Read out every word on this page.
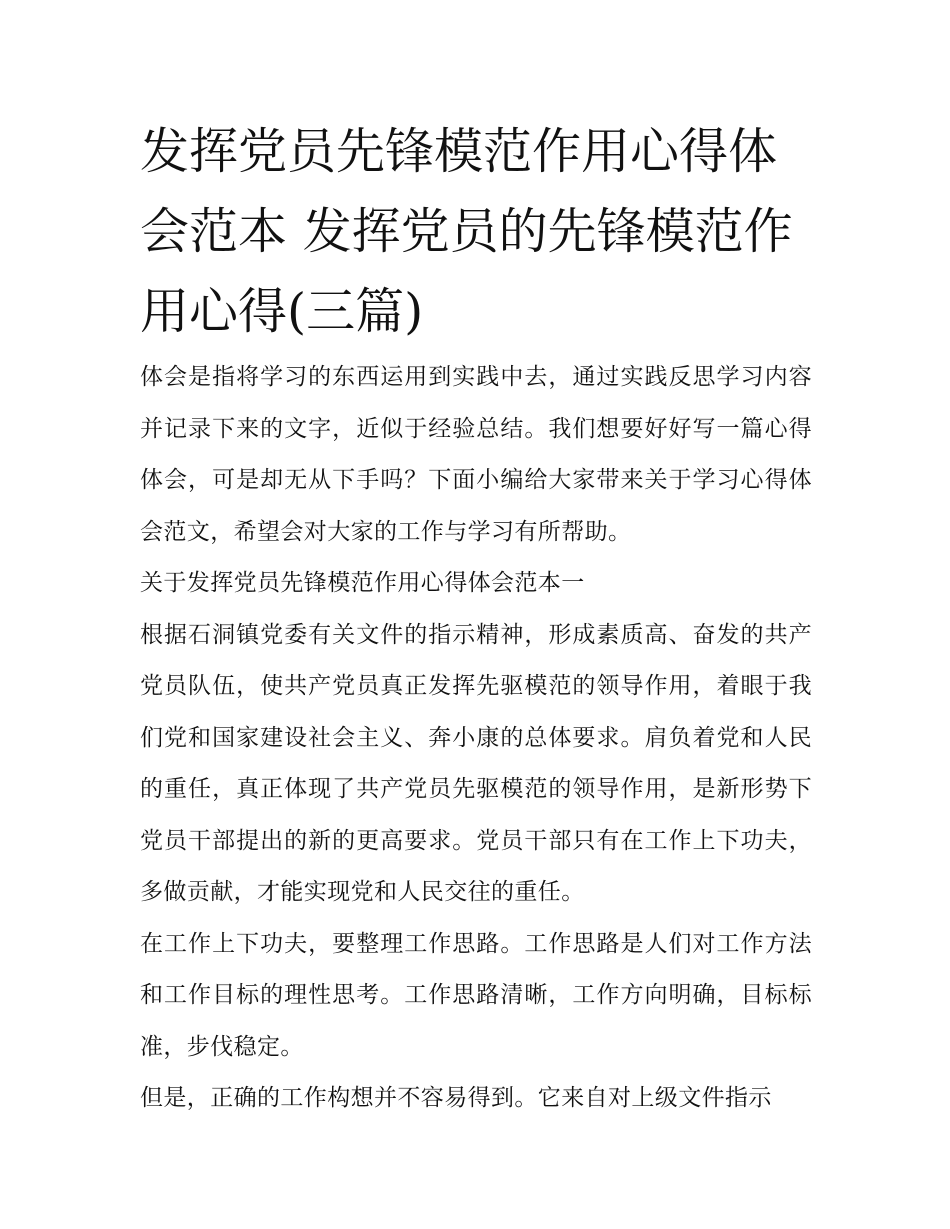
发挥党员先锋模范作用心得体会范本 发挥党员的先锋模范作用心得(三篇)

体会是指将学习的东西运用到实践中去，通过实践反思学习内容并记录下来的文字，近似于经验总结。我们想要好好写一篇心得体会，可是却无从下手吗？下面小编给大家带来关于学习心得体会范文，希望会对大家的工作与学习有所帮助。

关于发挥党员先锋模范作用心得体会范本一

根据石洞镇党委有关文件的指示精神，形成素质高、奋发的共产党员队伍，使共产党员真正发挥先驱模范的领导作用，着眼于我们党和国家建设社会主义、奔小康的总体要求。肩负着党和人民的重任，真正体现了共产党员先驱模范的领导作用，是新形势下党员干部提出的新的更高要求。党员干部只有在工作上下功夫，多做贡献，才能实现党和人民交往的重任。

在工作上下功夫，要整理工作思路。工作思路是人们对工作方法和工作目标的理性思考。工作思路清晰，工作方向明确，目标标准，步伐稳定。

但是，正确的工作构想并不容易得到。它来自对上级文件指示
